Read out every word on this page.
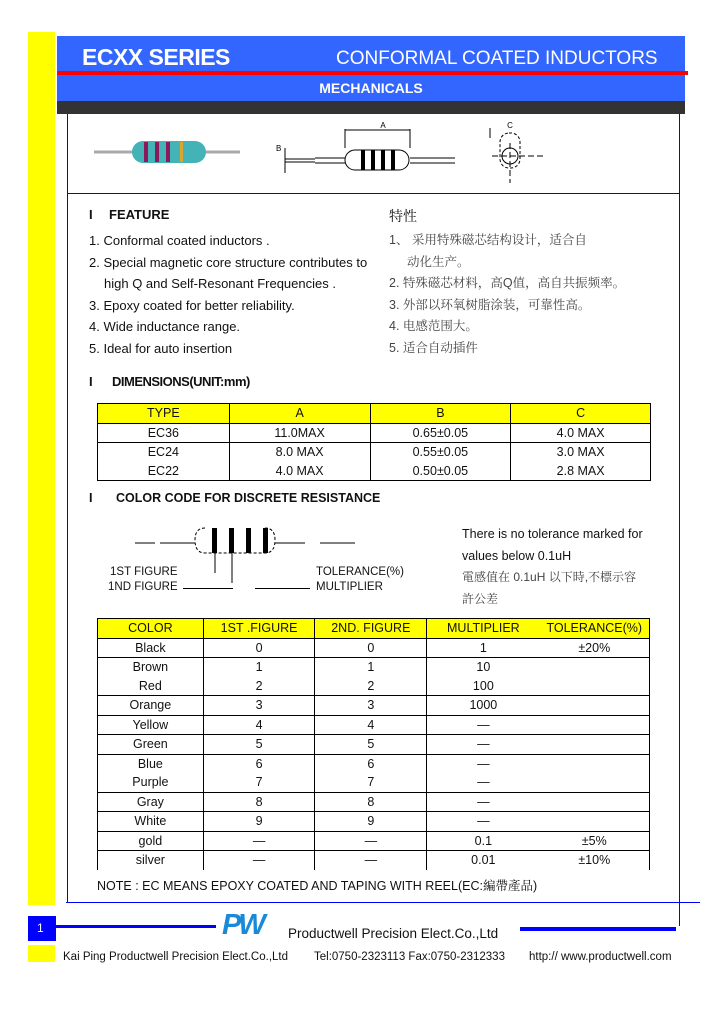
ECXX SERIES	CONFORMAL COATED INDUCTORS
MECHANICALS
A
B
C
I FEATURE
1. Conformal coated inductors .
2. Special magnetic core structure contributes to
high Q and Self-Resonant Frequencies .
3. Epoxy coated for better reliability.
4. Wide inductance range.
5. Ideal for auto insertion
特性
1、 采用特殊磁芯结构设计，适合自
动化生产。
2. 特殊磁芯材料，高Q值，高自共振频率。
3. 外部以环氧树脂涂装，可靠性高。
4. 电感范围大。
5. 适合自动插件
I DIMENSIONS(UNIT:mm)
TYPE	A	B	C
EC36	11.0MAX	0.65±0.05	4.0 MAX
EC24	8.0 MAX	0.55±0.05	3.0 MAX
EC22	4.0 MAX	0.50±0.05	2.8 MAX
I COLOR CODE FOR DISCRETE RESISTANCE
1ST FIGURE
1ND FIGURE
TOLERANCE(%)
MULTIPLIER
There is no tolerance marked for
values below 0.1uH
電感值在 0.1uH 以下時,不標示容
許公差
COLOR	1ST .FIGURE	2ND. FIGURE	MULTIPLIER	TOLERANCE(%)
Black	0	0	1	±20%
Brown	1	1	10	
Red	2	2	100	
Orange	3	3	1000	
Yellow	4	4	—	
Green	5	5	—	
Blue	6	6	—	
Purple	7	7	—	
Gray	8	8	—	
White	9	9	—	
gold	—	—	0.1	±5%
silver	—	—	0.01	±10%
NOTE : EC MEANS EPOXY COATED AND TAPING WITH REEL(EC:編帶產品)
1	PW Productwell Precision Elect.Co.,Ltd
Kai Ping Productwell Precision Elect.Co.,Ltd Tel:0750-2323113 Fax:0750-2312333 http:// www.productwell.com
